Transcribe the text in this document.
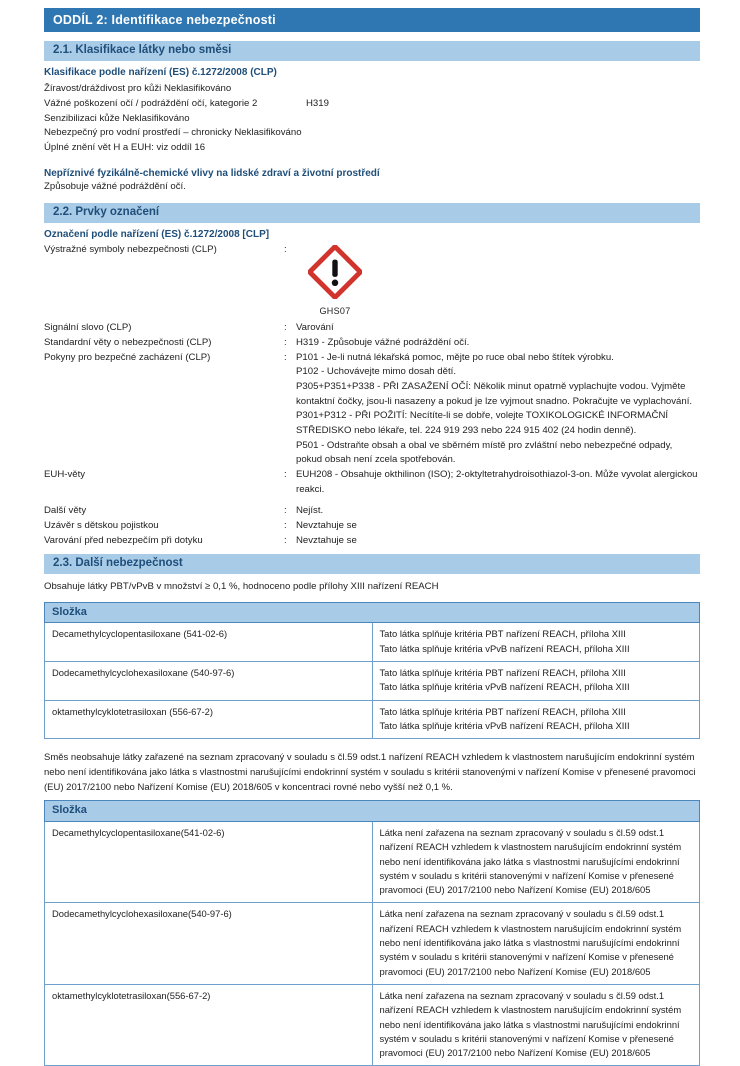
ODDÍL 2: Identifikace nebezpečnosti
2.1. Klasifikace látky nebo směsi
Klasifikace podle nařízení (ES) č.1272/2008 (CLP)
Žíravost/dráždivost pro kůži Neklasifikováno
Vážné poškození očí / podráždění očí, kategorie 2	H319
Senzibilizaci kůže Neklasifikováno
Nebezpečný pro vodní prostředí – chronicky Neklasifikováno
Úplné znění vět H a EUH: viz oddíl 16
Nepříznivé fyzikálně-chemické vlivy na lidské zdraví a životní prostředí
Způsobuje vážné podráždění očí.
2.2. Prvky označení
Označení podle nařízení (ES) č.1272/2008 [CLP]
Výstražné symboly nebezpečnosti (CLP)	:
GHS07
Signální slovo (CLP)	: Varování

Standardní věty o nebezpečnosti (CLP)	: H319 - Způsobuje vážné podráždění očí.

Pokyny pro bezpečné zacházení (CLP)	: P101 - Je-li nutná lékařská pomoc, mějte po ruce obal nebo štítek výrobku.

P102 - Uchovávejte mimo dosah dětí.

P305+P351+P338 - PŘI ZASAŽENÍ OČÍ: Několik minut opatrně vyplachujte vodou. Vyjměte kontaktní čočky, jsou-li nasazeny a pokud je lze vyjmout snadno. Pokračujte ve vyplachování.

P301+P312 - PŘI POŽITÍ: Necítíte-li se dobře, volejte TOXIKOLOGICKÉ INFORMAČNÍ STŘEDISKO nebo lékaře, tel. 224 919 293 nebo 224 915 402 (24 hodin denně).

P501 - Odstraňte obsah a obal ve sběrném místě pro zvláštní nebo nebezpečné odpady, pokud obsah není zcela spotřebován.

EUH-věty	: EUH208 - Obsahuje okthilinon (ISO); 2-oktyltetrahydroisothiazol-3-on. Může vyvolat alergickou reakci.

Další věty	: Nejíst.

Uzávěr s dětskou pojistkou	: Nevztahuje se

Varování před nebezpečím při dotyku	: Nevztahuje se

2.3. Další nebezpečnost
Obsahuje látky PBT/vPvB v množství ≥ 0,1 %, hodnoceno podle přílohy XIII nařízení REACH
Složka	
Decamethylcyclopentasiloxane (541-02-6)	Tato látka splňuje kritéria PBT nařízení REACH, příloha XIII

Tato látka splňuje kritéria vPvB nařízení REACH, příloha XIII

Dodecamethylcyclohexasiloxane (540-97-6)	Tato látka splňuje kritéria PBT nařízení REACH, příloha XIII

Tato látka splňuje kritéria vPvB nařízení REACH, příloha XIII

oktamethylcyklotetrasiloxan (556-67-2)	Tato látka splňuje kritéria PBT nařízení REACH, příloha XIII

Tato látka splňuje kritéria vPvB nařízení REACH, příloha XIII

Směs neobsahuje látky zařazené na seznam zpracovaný v souladu s čl.59 odst.1 nařízení REACH vzhledem k vlastnostem narušujícím endokrinní systém nebo není identifikována jako látka s vlastnostmi narušujícími endokrinní systém v souladu s kritérii stanovenými v nařízení Komise v přenesené pravomoci (EU) 2017/2100 nebo Nařízení Komise (EU) 2018/605 v koncentraci rovné nebo vyšší než 0,1 %.
Složka	
Decamethylcyclopentasiloxane(541-02-6)	Látka není zařazena na seznam zpracovaný v souladu s čl.59 odst.1 nařízení REACH vzhledem k vlastnostem narušujícím endokrinní systém nebo není identifikována jako látka s vlastnostmi narušujícími endokrinní systém v souladu s kritérii stanovenými v nařízení Komise v přenesené pravomoci (EU) 2017/2100 nebo Nařízení Komise (EU) 2018/605
Dodecamethylcyclohexasiloxane(540-97-6)	Látka není zařazena na seznam zpracovaný v souladu s čl.59 odst.1 nařízení REACH vzhledem k vlastnostem narušujícím endokrinní systém nebo není identifikována jako látka s vlastnostmi narušujícími endokrinní systém v souladu s kritérii stanovenými v nařízení Komise v přenesené pravomoci (EU) 2017/2100 nebo Nařízení Komise (EU) 2018/605
oktamethylcyklotetrasiloxan(556-67-2)	Látka není zařazena na seznam zpracovaný v souladu s čl.59 odst.1 nařízení REACH vzhledem k vlastnostem narušujícím endokrinní systém nebo není identifikována jako látka s vlastnostmi narušujícími endokrinní systém v souladu s kritérii stanovenými v nařízení Komise v přenesené pravomoci (EU) 2017/2100 nebo Nařízení Komise (EU) 2018/605
